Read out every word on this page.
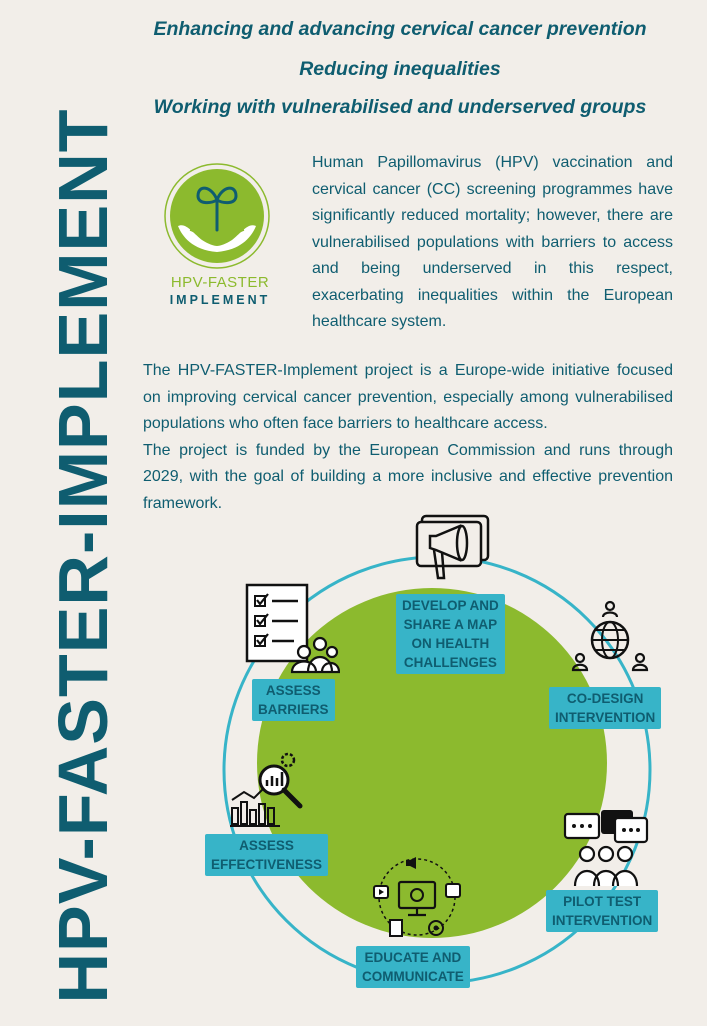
Enhancing and advancing cervical cancer prevention
Reducing inequalities
Working with vulnerabilised and underserved groups
HPV-FASTER-IMPLEMENT	HPV-FASTER
IMPLEMENT
Human Papillomavirus (HPV) vaccination and cervical cancer (CC) screening programmes have significantly reduced mortality; however, there are vulnerabilised populations with barriers to access and being underserved in this respect, exacerbating inequalities within the European healthcare system.

The HPV-FASTER-Implement project is a Europe-wide initiative focused on improving cervical cancer prevention, especially among vulnerabilised populations who often face barriers to healthcare access.

The project is funded by the European Commission and runs through 2029, with the goal of building a more inclusive and effective prevention framework.

DEVELOP AND
SHARE A MAP
ON HEALTH
CHALLENGES
CO-DESIGN
INTERVENTION
PILOT TEST
INTERVENTION
EDUCATE AND
COMMUNICATE
ASSESS
EFFECTIVENESS
ASSESS
BARRIERS
